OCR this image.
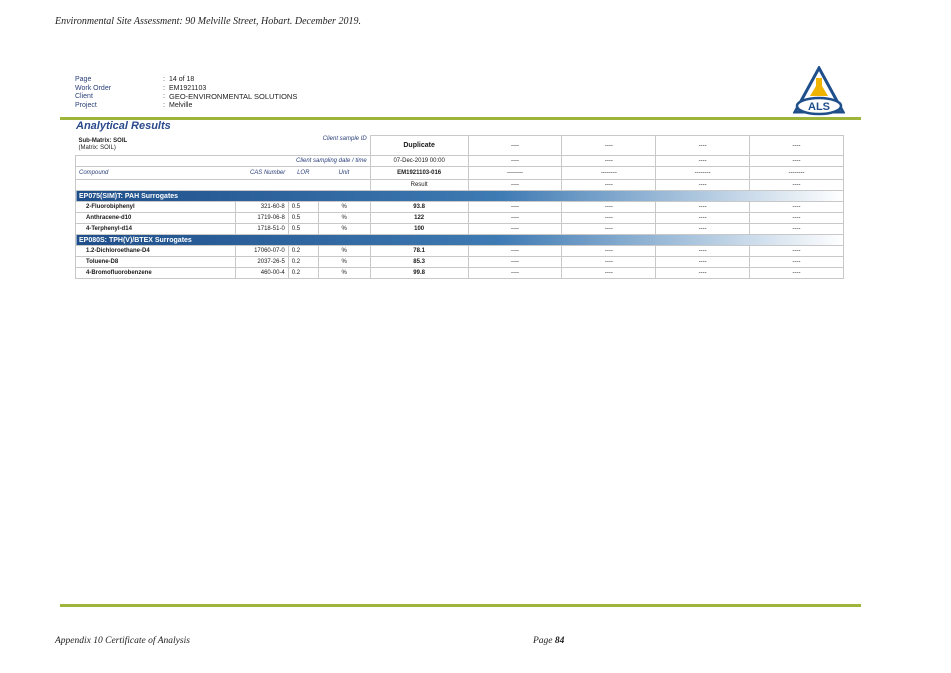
Environmental Site Assessment: 90 Melville Street, Hobart. December 2019.
Page	: 14 of 18
Work Order	: EM1921103
Client	: GEO-ENVIRONMENTAL SOLUTIONS
Project	: Melville	ALS
Analytical Results
Sub-Matrix: SOIL
(Matrix: SOIL)		Client sample ID		Duplicate	----	----	----	----
Client sampling date / time				07-Dec-2019 00:00	----	----	----	----
Compound	CAS Number	LOR	Unit	EM1921103-016	--------	--------	--------	--------
				Result	----	----	----	----
EP075(SIM)T: PAH Surrogates								
2-Fluorobiphenyl	321-60-8	0.5	%	93.8	----	----	----	----
Anthracene-d10	1719-06-8	0.5	%	122	----	----	----	----
4-Terphenyl-d14	1718-51-0	0.5	%	100	----	----	----	----
EP080S: TPH(V)/BTEX Surrogates								
1.2-Dichloroethane-D4	17060-07-0	0.2	%	78.1	----	----	----	----
Toluene-D8	2037-26-5	0.2	%	85.3	----	----	----	----
4-Bromofluorobenzene	460-00-4	0.2	%	99.8	----	----	----	----
Appendix 10 Certificate of Analysis	Page 84
